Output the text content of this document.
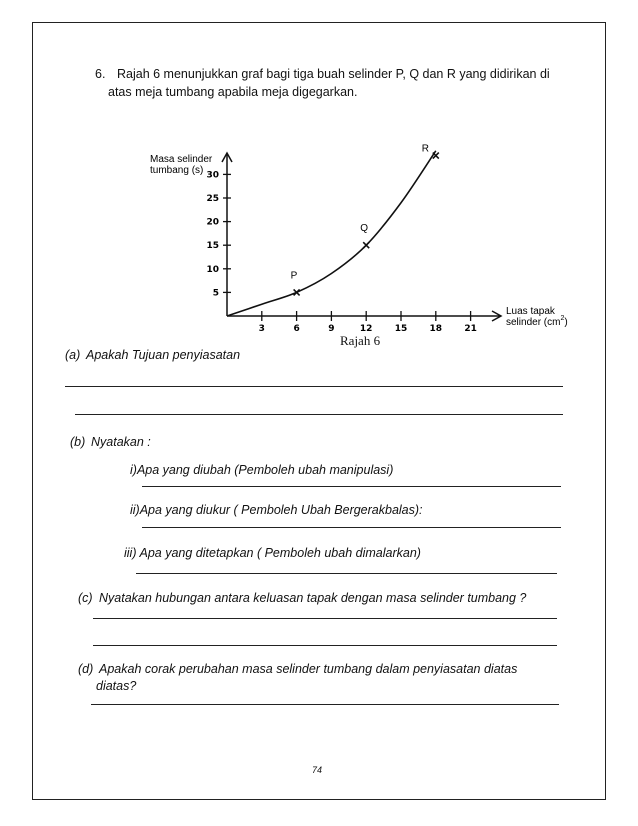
6. Rajah 6 menunjukkan graf bagi tiga buah selinder P, Q dan R yang didirikan di
atas meja tumbang apabila meja digegarkan.
Masa selinder
tumbang (s)
Luas tapak
selinder $(cm^2)$
3	6	9	12 15 18 21
5
10
15
20
25
30
P
Q
R
Rajah 6
(a) Apakah Tujuan penyiasatan
(b) Nyatakan :
i)Apa yang diubah (Pemboleh ubah manipulasi)
ii)Apa yang diukur ( Pemboleh Ubah Bergerakbalas):
iii) Apa yang ditetapkan ( Pemboleh ubah dimalarkan)
(c) Nyatakan hubungan antara keluasan tapak dengan masa selinder tumbang ?
(d) Apakah corak perubahan masa selinder tumbang dalam penyiasatan diatas
diatas?
74
